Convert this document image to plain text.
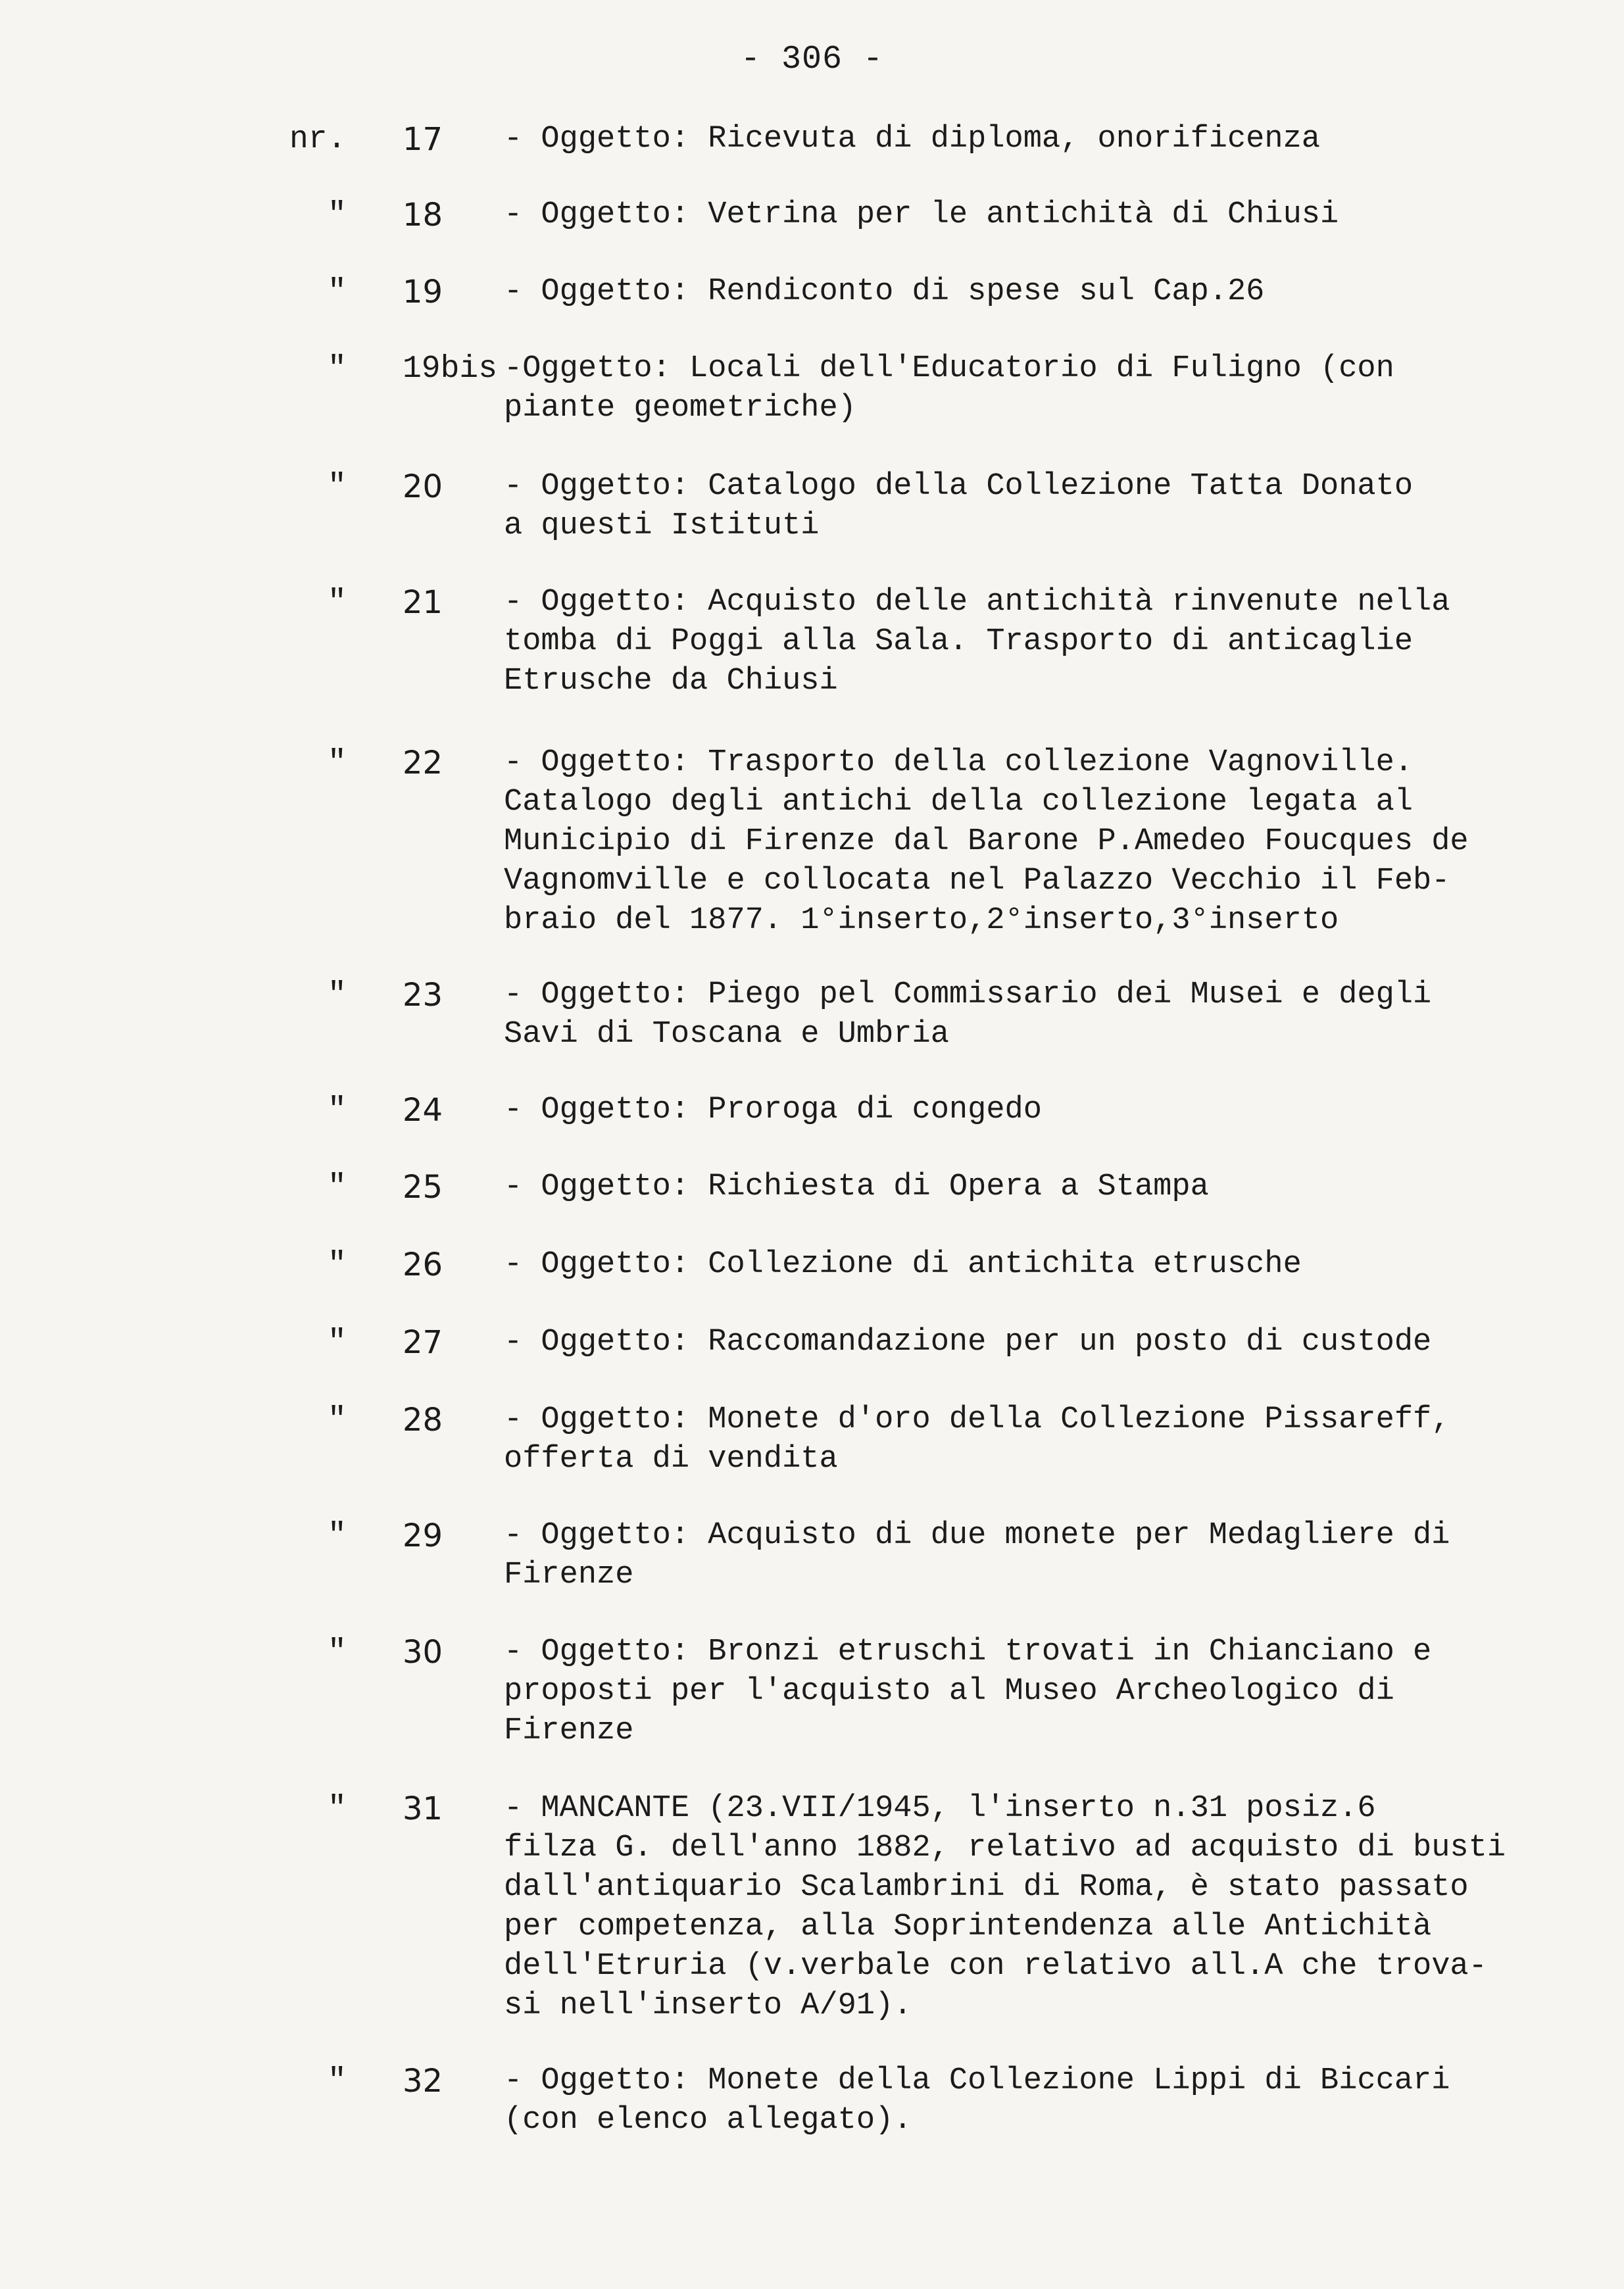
- 306 -
nr.	17 - Oggetto: Ricevuta di diploma, onorificenza
"	18 - Oggetto: Vetrina per le antichità di Chiusi
"	19 - Oggetto: Rendiconto di spese sul Cap.26
"	19bis -Oggetto: Locali dell'Educatorio di Fuligno (con
piante geometriche)
"	20 - Oggetto: Catalogo della Collezione Tatta Donato
a questi Istituti
"	21 - Oggetto: Acquisto delle antichità rinvenute nella
tomba di Poggi alla Sala. Trasporto di anticaglie
Etrusche da Chiusi
"	22 - Oggetto: Trasporto della collezione Vagnoville.
Catalogo degli antichi della collezione legata al
Municipio di Firenze dal Barone P.Amedeo Foucques de
Vagnomville e collocata nel Palazzo Vecchio il Feb-
braio del 1877. 1°inserto,2°inserto,3°inserto
"	23 - Oggetto: Piego pel Commissario dei Musei e degli
Savi di Toscana e Umbria
"	24 - Oggetto: Proroga di congedo
"	25 - Oggetto: Richiesta di Opera a Stampa
"	26 - Oggetto: Collezione di antichita etrusche
"	27 - Oggetto: Raccomandazione per un posto di custode
"	28 - Oggetto: Monete d'oro della Collezione Pissareff,
offerta di vendita
"	29 - Oggetto: Acquisto di due monete per Medagliere di
Firenze
"	30 - Oggetto: Bronzi etruschi trovati in Chianciano e
proposti per l'acquisto al Museo Archeologico di
Firenze
"	31 - MANCANTE (23.VII/1945, l'inserto n.31 posiz.6
filza G. dell'anno 1882, relativo ad acquisto di busti
dall'antiquario Scalambrini di Roma, è stato passato
per competenza, alla Soprintendenza alle Antichità
dell'Etruria (v.verbale con relativo all.A che trova-
si nell'inserto A/91).
"	32 - Oggetto: Monete della Collezione Lippi di Biccari
(con elenco allegato).
